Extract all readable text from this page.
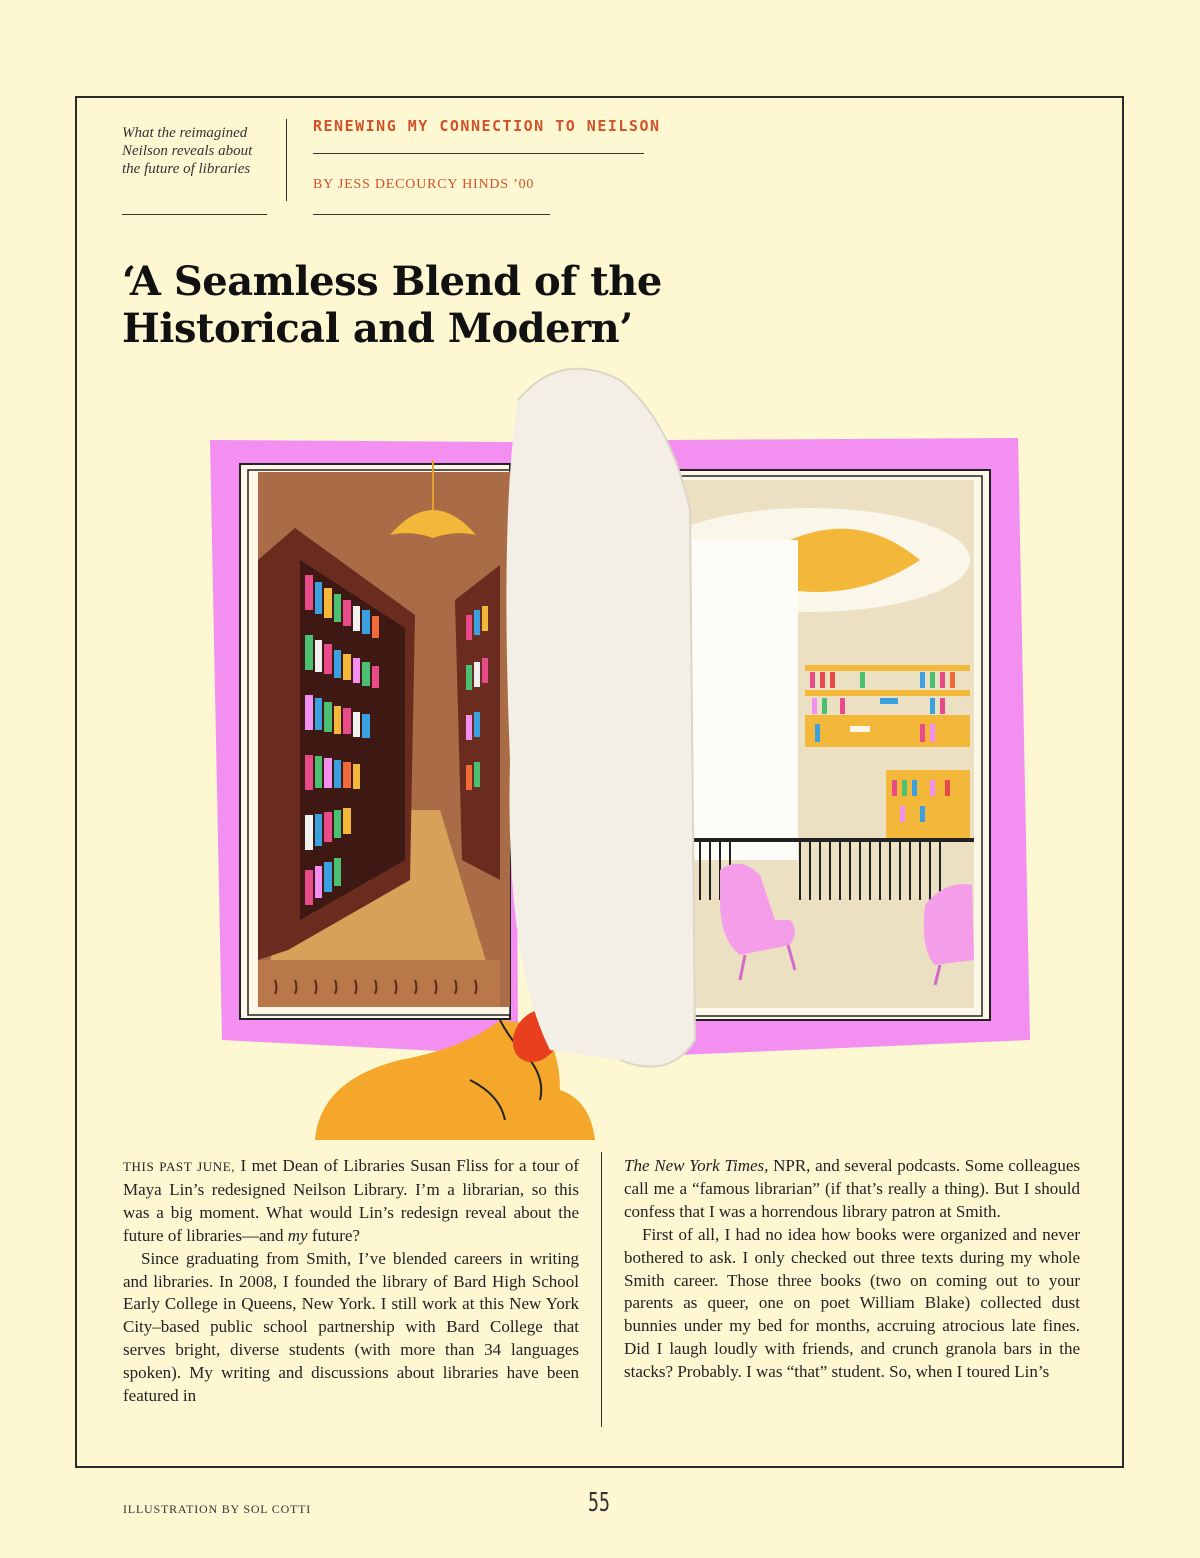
What the reimagined Neilson reveals about the future of libraries
RENEWING MY CONNECTION TO NEILSON
BY JESS DECOURCY HINDS ’00
‘A Seamless Blend of the
Historical and Modern’

THIS PAST JUNE, I met Dean of Libraries Susan Fliss for a tour of Maya Lin’s redesigned Neilson Library. I’m a librarian, so this was a big moment. What would Lin’s redesign reveal about the future of libraries—and my future?

Since graduating from Smith, I’ve blended careers in writing and libraries. In 2008, I founded the library of Bard High School Early College in Queens, New York. I still work at this New York City–based public school partnership with Bard College that serves bright, diverse students (with more than 34 languages spoken). My writing and discussions about libraries have been featured in

The New York Times, NPR, and several podcasts. Some colleagues call me a “famous librarian” (if that’s really a thing). But I should confess that I was a horrendous library patron at Smith.

First of all, I had no idea how books were organized and never bothered to ask. I only checked out three texts during my whole Smith career. Those three books (two on coming out to your parents as queer, one on poet William Blake) collected dust bunnies under my bed for months, accruing atrocious late fines. Did I laugh loudly with friends, and crunch granola bars in the stacks? Probably. I was “that” student. So, when I toured Lin’s

ILLUSTRATION BY SOL COTTI	55
